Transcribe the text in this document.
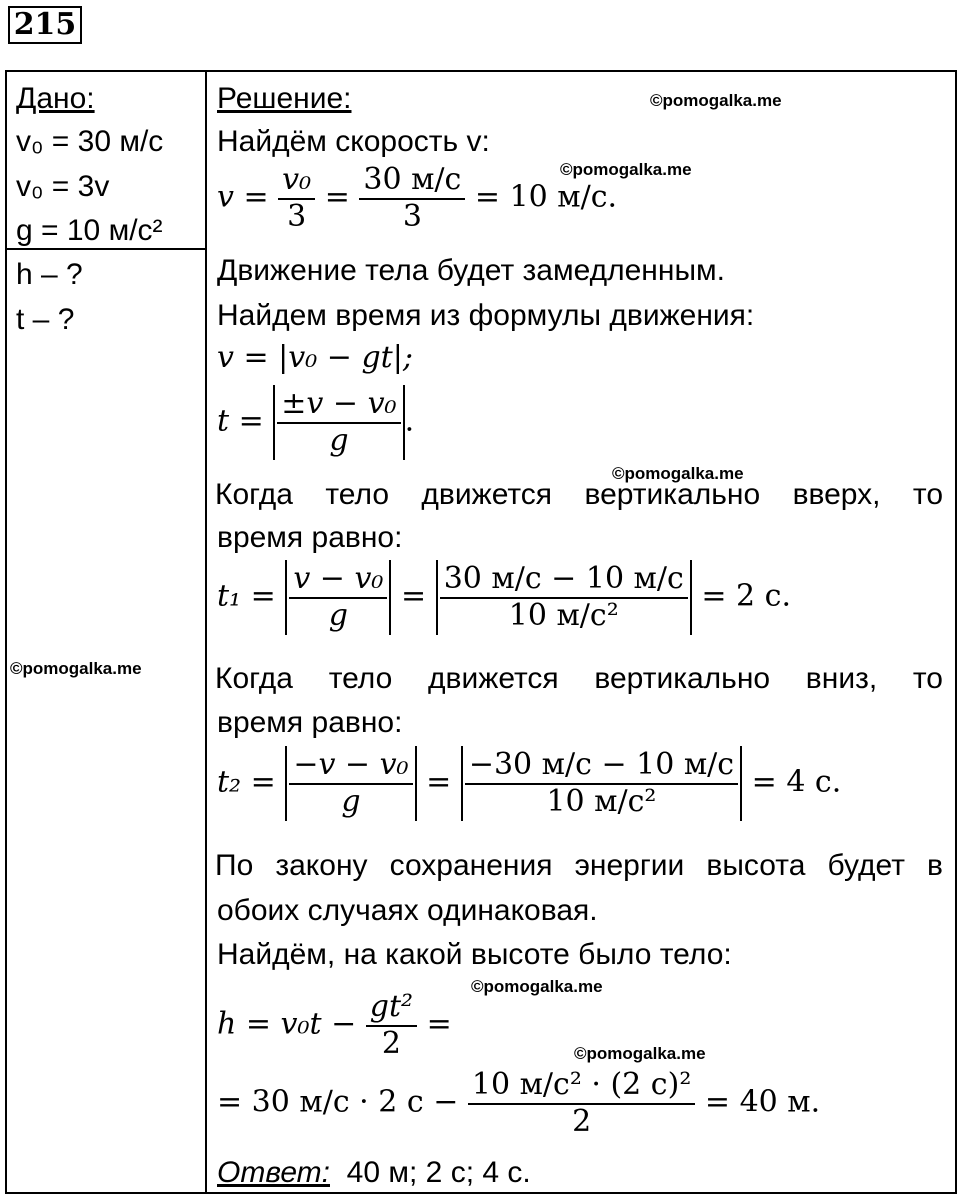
215
Дано:
v₀ = 30 м/с
v₀ = 3v
g = 10 м/с²
h – ?
t – ?
Решение:
Найдём скорость v:
$v = \frac{\text{v₀}}{3} = \frac{30 м/с}{3} = 10$ м/с.
Движение тела будет замедленным.
Найдем время из формулы движения:
v = |v₀ − gt|;
$t = \frac{\text{±v − v₀}}{g}$ .
Когда тело движется вертикально вверх, то
время равно:
$t_1 = \frac{\text{v − v₀}}{g} = \frac{30 м/с - 10 м/с}{\text{10 м/с²}} = 2$ с.
Когда тело движется вертикально вниз, то
время равно:
$t_2 = \frac{\text{−v − v₀}}{g} = \frac{-30 м/с - 10 м/с}{\text{10 м/с²}} = 4$ с.
По закону сохранения энергии высота будет в
обоих случаях одинаковая.
Найдём, на какой высоте было тело:
$h = v_0t - \frac{\text{gt²}}{2}$ =
= 30 м/с · 2 $с - \frac{\text{10 м/с² · (2 с)²}}{2} = 40$ м.
Ответ: 40 м; 2 с; 4 с.
©pomogalka.me
©pomogalka.me
©pomogalka.me
©pomogalka.me
©pomogalka.me
©pomogalka.me
